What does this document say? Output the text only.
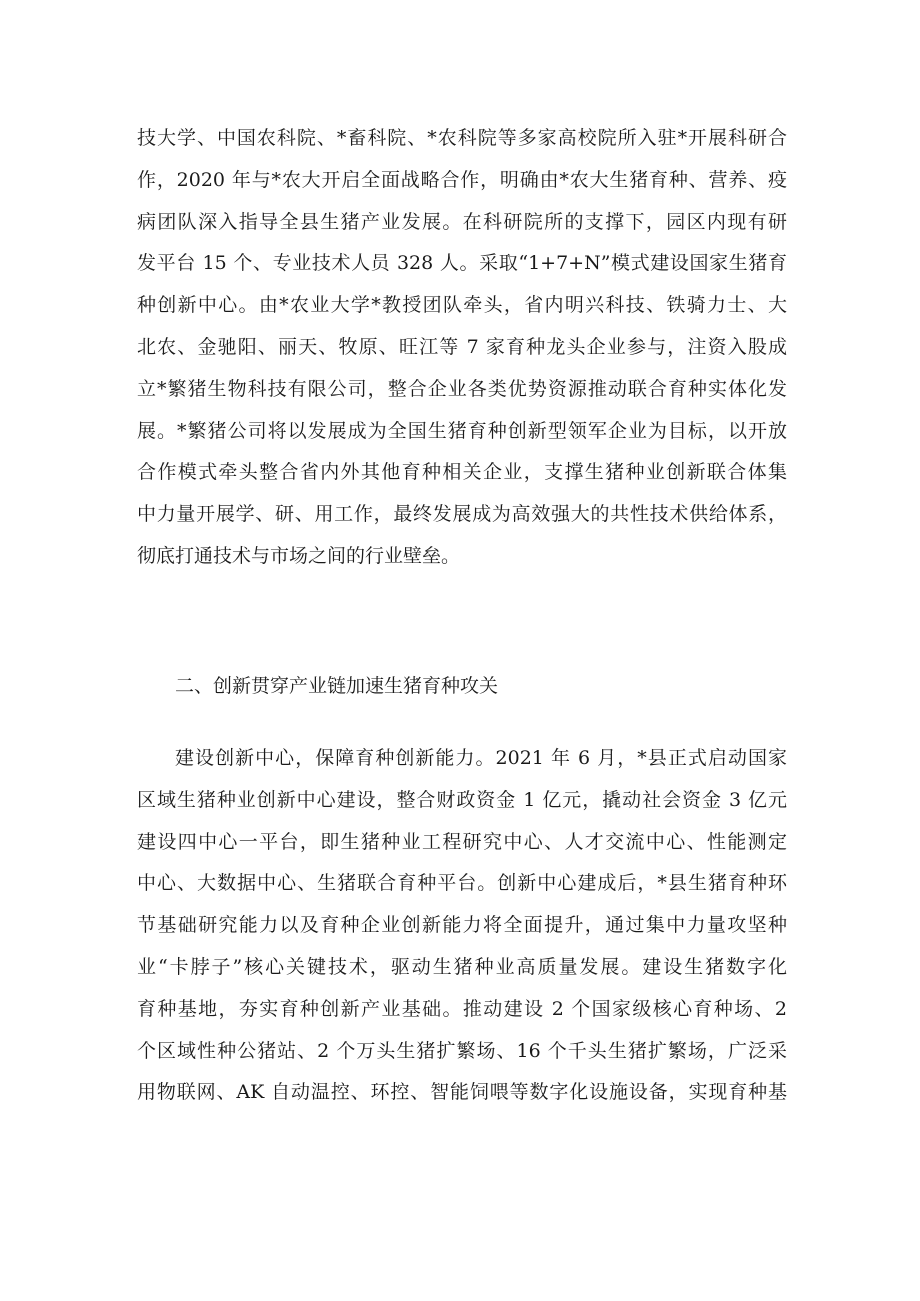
技大学、中国农科院、*畜科院、*农科院等多家高校院所入驻*开展科研合
作，2020 年与*农大开启全面战略合作，明确由*农大生猪育种、营养、疫
病团队深入指导全县生猪产业发展。在科研院所的支撑下，园区内现有研
发平台 15 个、专业技术人员 328 人。采取“1+7+N”模式建设国家生猪育
种创新中心。由*农业大学*教授团队牵头，省内明兴科技、铁骑力士、大
北农、金驰阳、丽天、牧原、旺江等 7 家育种龙头企业参与，注资入股成
立*繁猪生物科技有限公司，整合企业各类优势资源推动联合育种实体化发
展。*繁猪公司将以发展成为全国生猪育种创新型领军企业为目标，以开放
合作模式牵头整合省内外其他育种相关企业，支撑生猪种业创新联合体集
中力量开展学、研、用工作，最终发展成为高效强大的共性技术供给体系，
彻底打通技术与市场之间的行业壁垒。
二、创新贯穿产业链加速生猪育种攻关
建设创新中心，保障育种创新能力。2021 年 6 月，*县正式启动国家
区域生猪种业创新中心建设，整合财政资金 1 亿元，撬动社会资金 3 亿元
建设四中心一平台，即生猪种业工程研究中心、人才交流中心、性能测定
中心、大数据中心、生猪联合育种平台。创新中心建成后，*县生猪育种环
节基础研究能力以及育种企业创新能力将全面提升，通过集中力量攻坚种
业“卡脖子”核心关键技术，驱动生猪种业高质量发展。建设生猪数字化
育种基地，夯实育种创新产业基础。推动建设 2 个国家级核心育种场、2
个区域性种公猪站、2 个万头生猪扩繁场、16 个千头生猪扩繁场，广泛采
用物联网、AK 自动温控、环控、智能饲喂等数字化设施设备，实现育种基
